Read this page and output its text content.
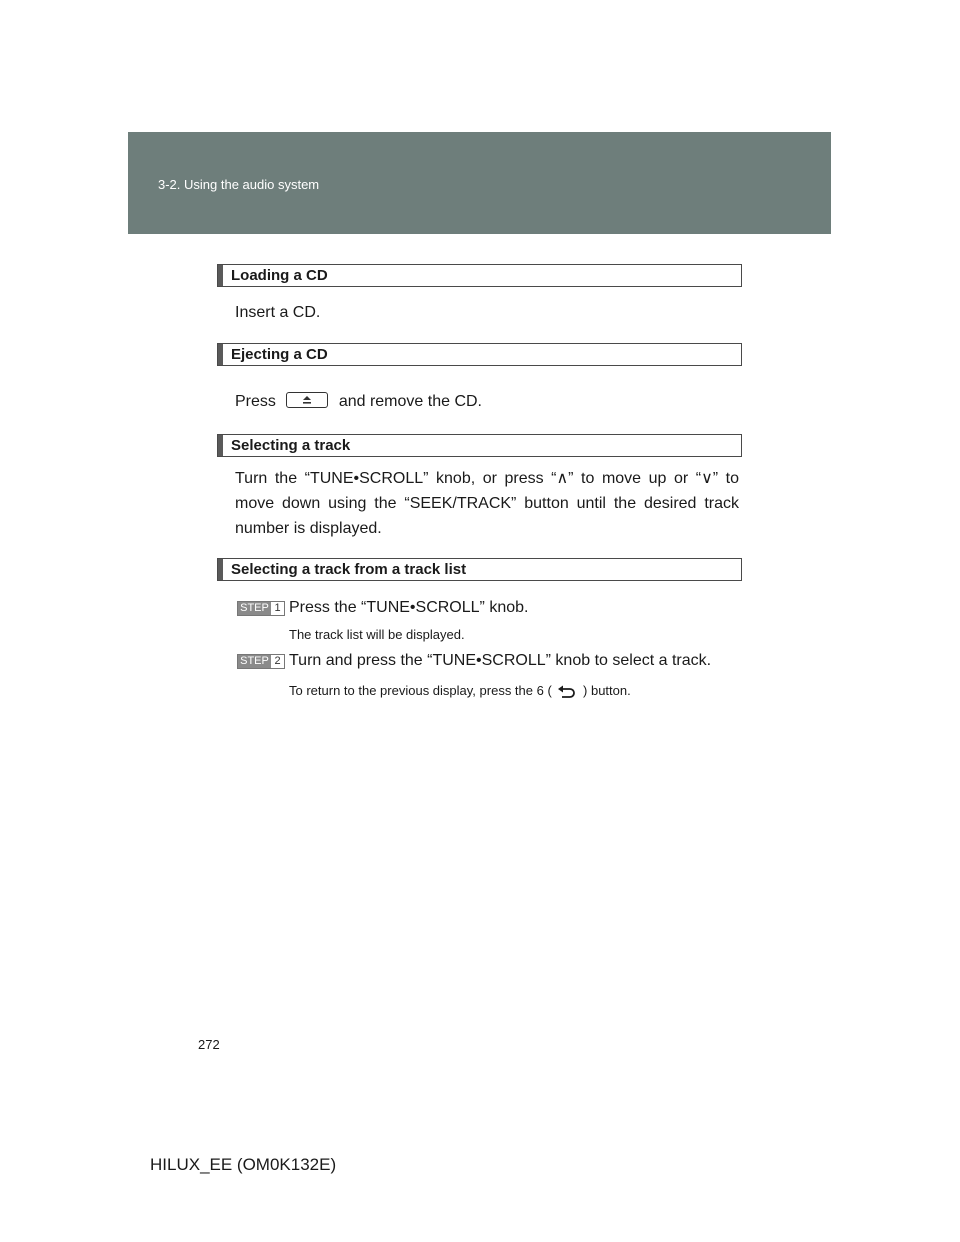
3-2. Using the audio system
Loading a CD
Insert a CD.
Ejecting a CD
Press	and remove the CD.
Selecting a track
Turn the “TUNE•SCROLL” knob, or press “∧” to move up or “∨” to move down using the “SEEK/TRACK” button until the desired track number is displayed.
Selecting a track from a track list
STEP 1 Press the “TUNE•SCROLL” knob.
The track list will be displayed.
STEP 2 Turn and press the “TUNE•SCROLL” knob to select a track.
To return to the previous display, press the 6 ( ) button.
272
HILUX_EE (OM0K132E)
